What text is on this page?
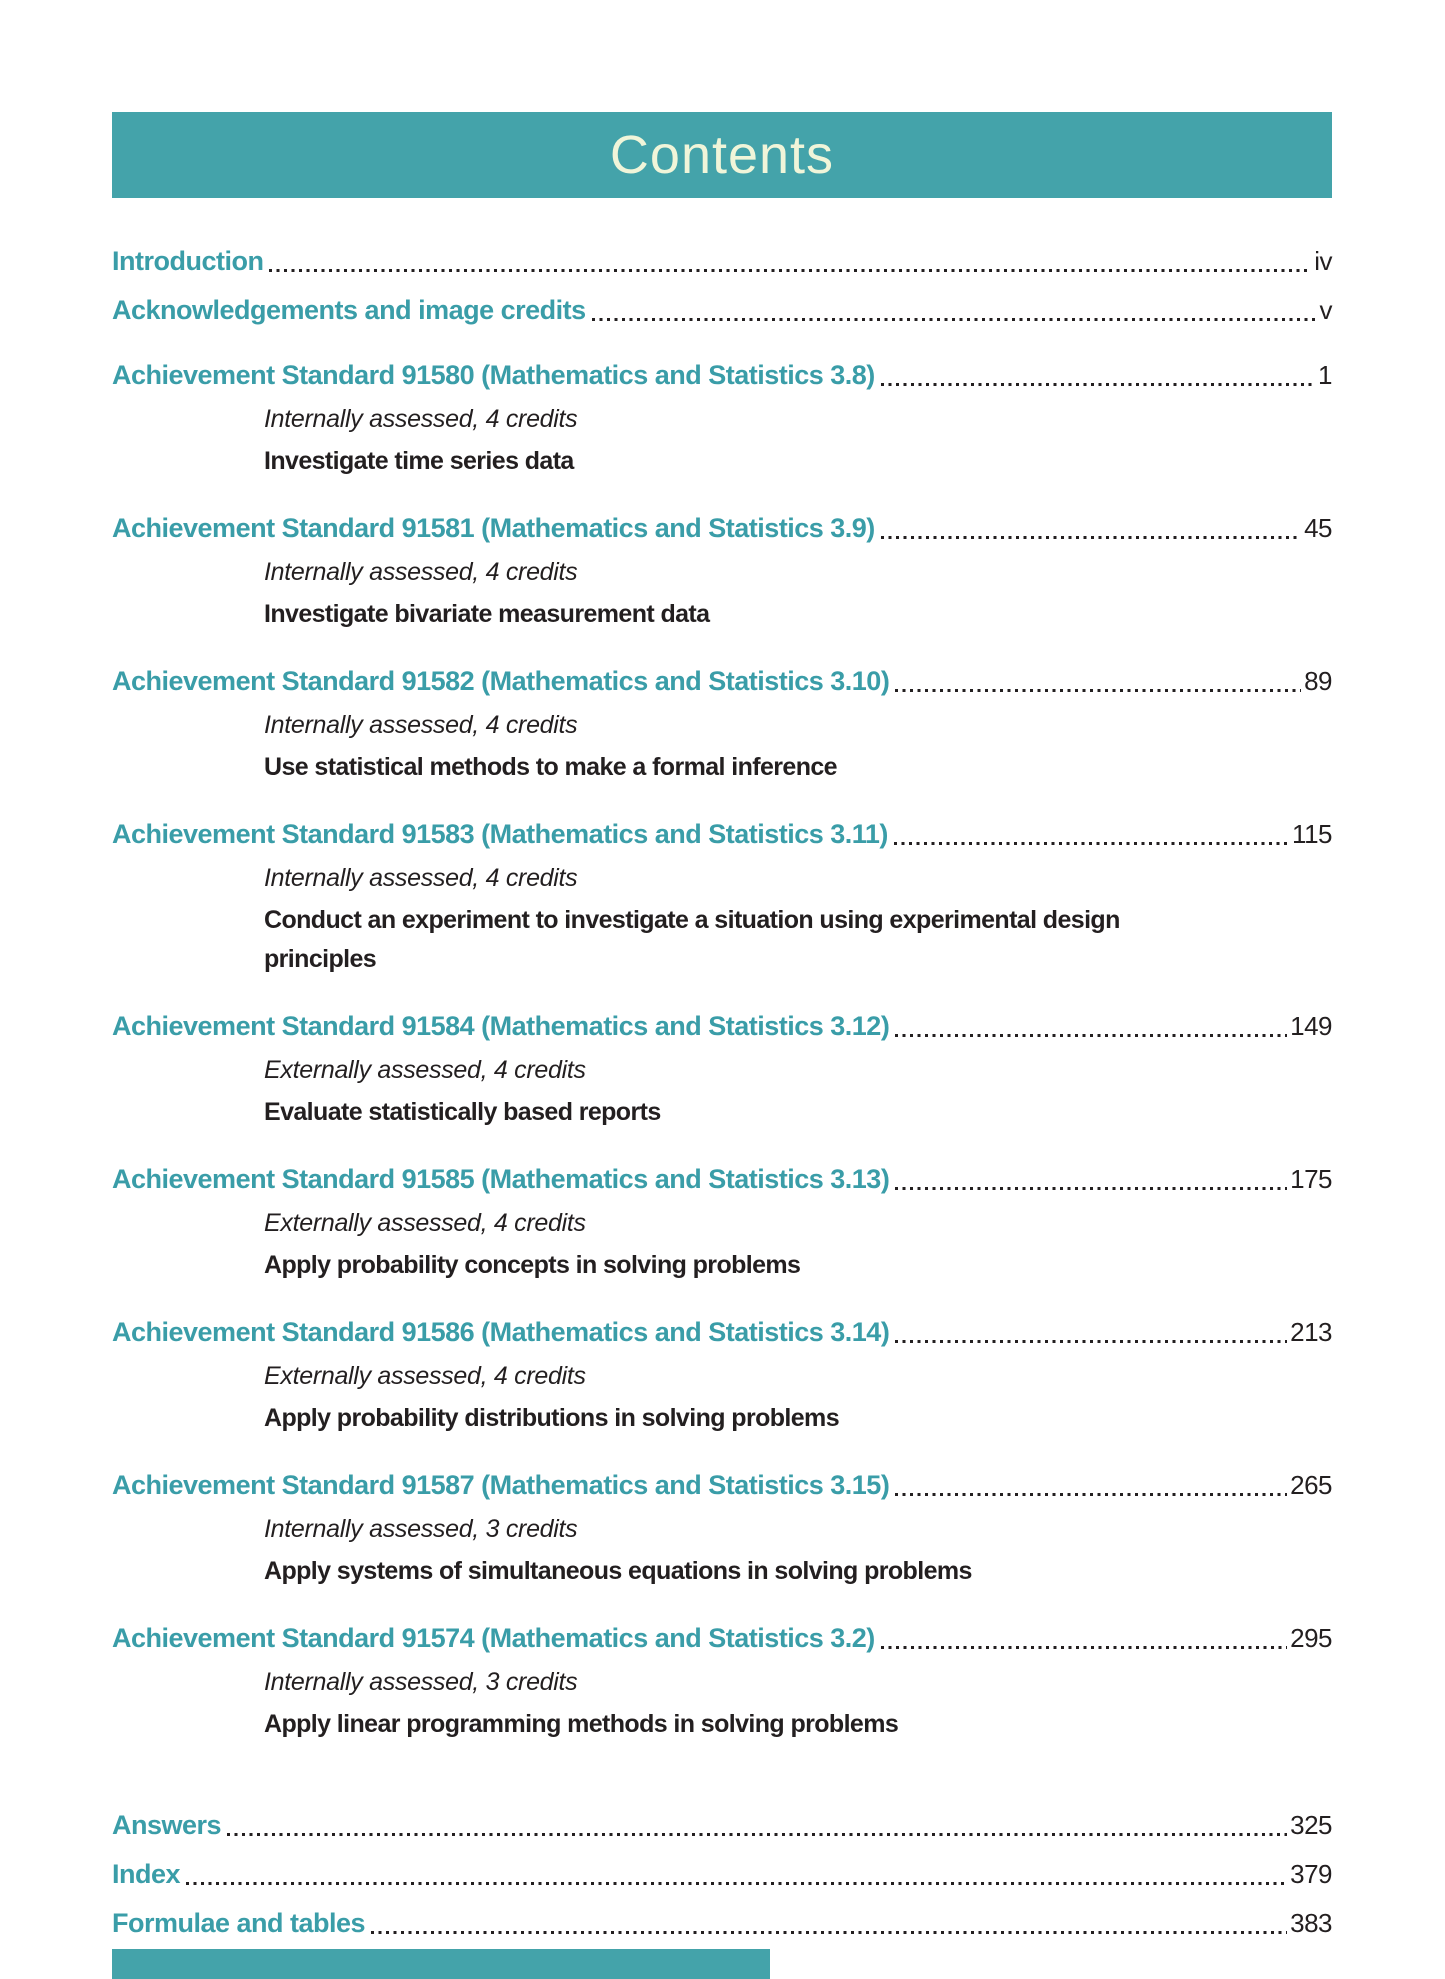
Contents
Introduction	iv
Acknowledgements and image credits	v
Achievement Standard 91580 (Mathematics and Statistics 3.8)	1
Internally assessed, 4 credits
Investigate time series data
Achievement Standard 91581 (Mathematics and Statistics 3.9)	45
Internally assessed, 4 credits
Investigate bivariate measurement data
Achievement Standard 91582 (Mathematics and Statistics 3.10)	89
Internally assessed, 4 credits
Use statistical methods to make a formal inference
Achievement Standard 91583 (Mathematics and Statistics 3.11)	115
Internally assessed, 4 credits
Conduct an experiment to investigate a situation using experimental design principles
Achievement Standard 91584 (Mathematics and Statistics 3.12)	149
Externally assessed, 4 credits
Evaluate statistically based reports
Achievement Standard 91585 (Mathematics and Statistics 3.13)	175
Externally assessed, 4 credits
Apply probability concepts in solving problems
Achievement Standard 91586 (Mathematics and Statistics 3.14)	213
Externally assessed, 4 credits
Apply probability distributions in solving problems
Achievement Standard 91587 (Mathematics and Statistics 3.15)	265
Internally assessed, 3 credits
Apply systems of simultaneous equations in solving problems
Achievement Standard 91574 (Mathematics and Statistics 3.2)	295
Internally assessed, 3 credits
Apply linear programming methods in solving problems
Answers	325
Index	379
Formulae and tables	383
